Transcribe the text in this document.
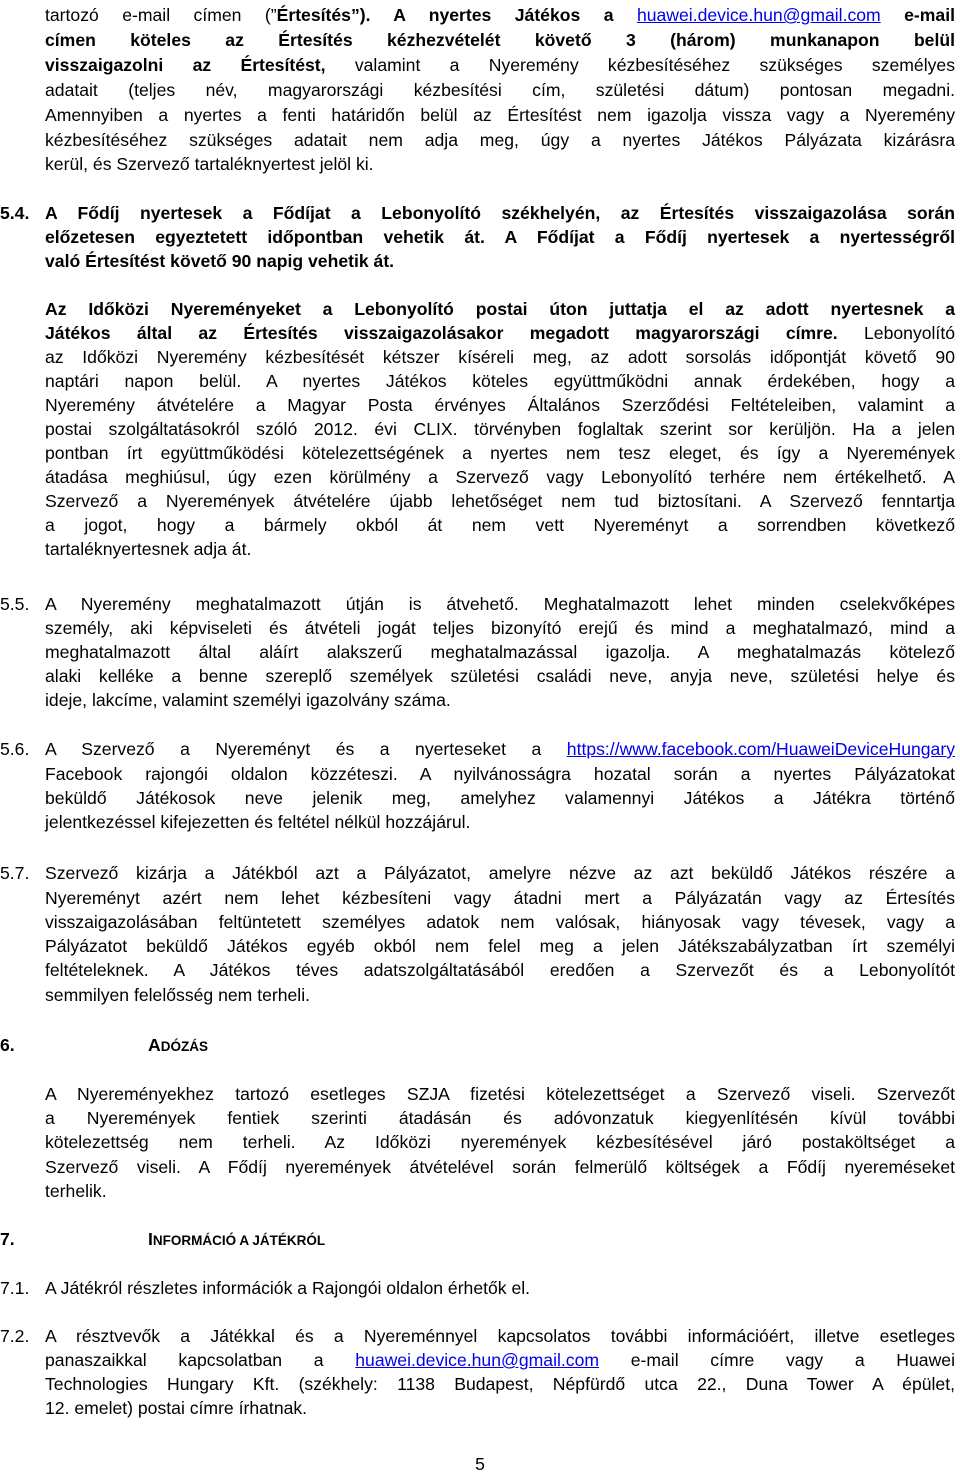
tartozó e-mail címen (”Értesítés”). A nyertes Játékos a huawei.device.hun@gmail.com e-mail
címen köteles az Értesítés kézhezvételét követő 3 (három) munkanapon belül
visszaigazolni az Értesítést, valamint a Nyeremény kézbesítéséhez szükséges személyes
adatait (teljes név, magyarországi kézbesítési cím, születési dátum) pontosan megadni.
Amennyiben a nyertes a fenti határidőn belül az Értesítést nem igazolja vissza vagy a Nyeremény
kézbesítéséhez szükséges adatait nem adja meg, úgy a nyertes Játékos Pályázata kizárásra
kerül, és Szervező tartaléknyertest jelöl ki.
5.4. A Fődíj nyertesek a Fődíjat a Lebonyolító székhelyén, az Értesítés visszaigazolása során
előzetesen egyeztetett időpontban vehetik át. A Fődíjat a Fődíj nyertesek a nyertességről
való Értesítést követő 90 napig vehetik át.
Az Időközi Nyereményeket a Lebonyolító postai úton juttatja el az adott nyertesnek a
Játékos által az Értesítés visszaigazolásakor megadott magyarországi címre. Lebonyolító
az Időközi Nyeremény kézbesítését kétszer kíséreli meg, az adott sorsolás időpontját követő 90
naptári napon belül. A nyertes Játékos köteles együttműködni annak érdekében, hogy a
Nyeremény átvételére a Magyar Posta érvényes Általános Szerződési Feltételeiben, valamint a
postai szolgáltatásokról szóló 2012. évi CLIX. törvényben foglaltak szerint sor kerüljön. Ha a jelen
pontban írt együttműködési kötelezettségének a nyertes nem tesz eleget, és így a Nyeremények
átadása meghiúsul, úgy ezen körülmény a Szervező vagy Lebonyolító terhére nem értékelhető. A
Szervező a Nyeremények átvételére újabb lehetőséget nem tud biztosítani. A Szervező fenntartja
a jogot, hogy a bármely okból át nem vett Nyereményt a sorrendben következő
tartaléknyertesnek adja át.
5.5. A Nyeremény meghatalmazott útján is átvehető. Meghatalmazott lehet minden cselekvőképes
személy, aki képviseleti és átvételi jogát teljes bizonyító erejű és mind a meghatalmazó, mind a
meghatalmazott által aláírt alakszerű meghatalmazással igazolja. A meghatalmazás kötelező
alaki kelléke a benne szereplő személyek születési családi neve, anyja neve, születési helye és
ideje, lakcíme, valamint személyi igazolvány száma.
5.6. A Szervező a Nyereményt és a nyerteseket a https://www.facebook.com/HuaweiDeviceHungary
Facebook rajongói oldalon közzéteszi. A nyilvánosságra hozatal során a nyertes Pályázatokat
beküldő Játékosok neve jelenik meg, amelyhez valamennyi Játékos a Játékra történő
jelentkezéssel kifejezetten és feltétel nélkül hozzájárul.
5.7. Szervező kizárja a Játékból azt a Pályázatot, amelyre nézve az azt beküldő Játékos részére a
Nyereményt azért nem lehet kézbesíteni vagy átadni mert a Pályázatán vagy az Értesítés
visszaigazolásában feltüntetett személyes adatok nem valósak, hiányosak vagy tévesek, vagy a
Pályázatot beküldő Játékos egyéb okból nem felel meg a jelen Játékszabályzatban írt személyi
feltételeknek. A Játékos téves adatszolgáltatásából eredően a Szervezőt és a Lebonyolítót
semmilyen felelősség nem terheli.
6.	ADÓZÁS
A Nyereményekhez tartozó esetleges SZJA fizetési kötelezettséget a Szervező viseli. Szervezőt
a Nyeremények fentiek szerinti átadásán és adóvonzatuk kiegyenlítésén kívül további
kötelezettség nem terheli. Az Időközi nyeremények kézbesítésével járó postaköltséget a
Szervező viseli. A Fődíj nyeremények átvételével során felmerülő költségek a Fődíj nyereméseket
terhelik.
7.	INFORMÁCIÓ A JÁTÉKRÓL
7.1. A Játékról részletes információk a Rajongói oldalon érhetők el.
7.2. A résztvevők a Játékkal és a Nyereménnyel kapcsolatos további információért, illetve esetleges
panaszaikkal kapcsolatban a huawei.device.hun@gmail.com e-mail címre vagy a Huawei
Technologies Hungary Kft. (székhely: 1138 Budapest, Népfürdő utca 22., Duna Tower A épület,
12. emelet) postai címre írhatnak.
5
